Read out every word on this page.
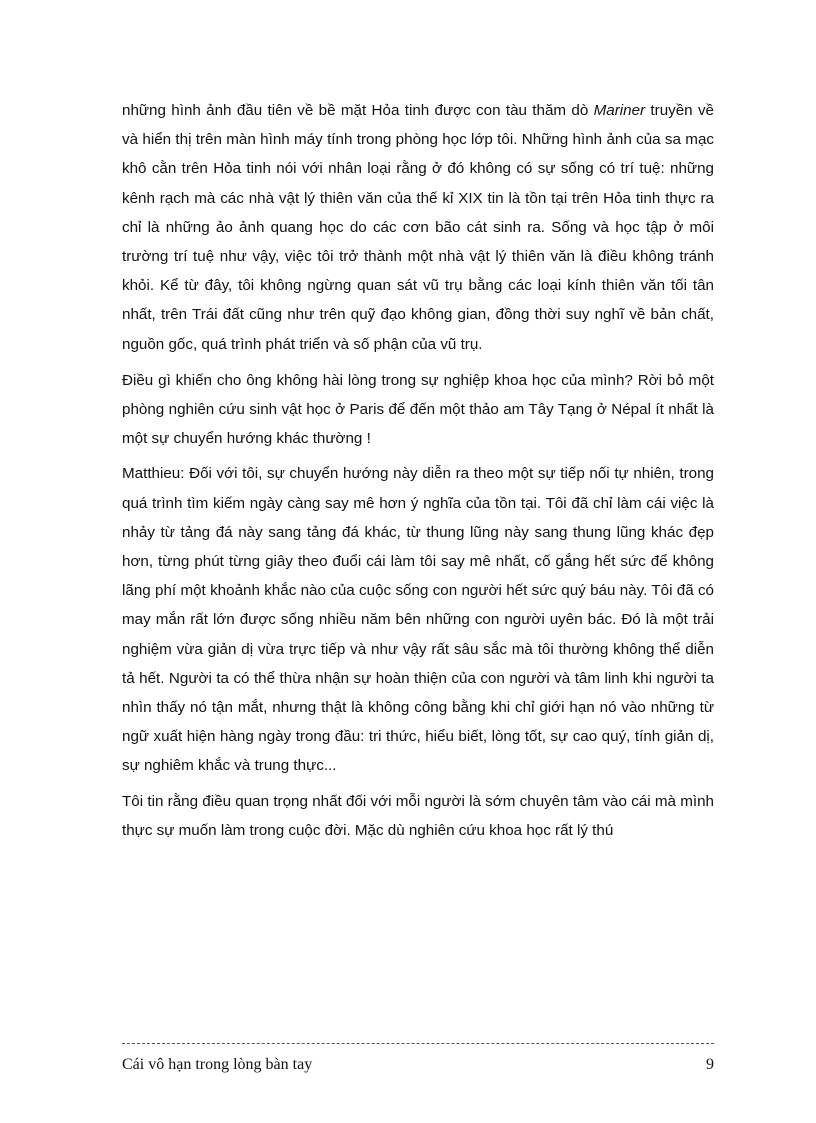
những hình ảnh đầu tiên về bề mặt Hỏa tinh được con tàu thăm dò Mariner truyền về và hiển thị trên màn hình máy tính trong phòng học lớp tôi. Những hình ảnh của sa mạc khô cằn trên Hỏa tinh nói với nhân loại rằng ở đó không có sự sống có trí tuệ: những kênh rạch mà các nhà vật lý thiên văn của thế kỉ XIX tin là tồn tại trên Hỏa tinh thực ra chỉ là những ảo ảnh quang học do các cơn bão cát sinh ra. Sống và học tập ở môi trường trí tuệ như vậy, việc tôi trở thành một nhà vật lý thiên văn là điều không tránh khỏi. Kể từ đây, tôi không ngừng quan sát vũ trụ bằng các loại kính thiên văn tối tân nhất, trên Trái đất cũng như trên quỹ đạo không gian, đồng thời suy nghĩ về bản chất, nguồn gốc, quá trình phát triển và số phận của vũ trụ.

Điều gì khiến cho ông không hài lòng trong sự nghiệp khoa học của mình? Rời bỏ một phòng nghiên cứu sinh vật học ở Paris để đến một thảo am Tây Tạng ở Népal ít nhất là một sự chuyển hướng khác thường !

Matthieu: Đối với tôi, sự chuyển hướng này diễn ra theo một sự tiếp nối tự nhiên, trong quá trình tìm kiếm ngày càng say mê hơn ý nghĩa của tồn tại. Tôi đã chỉ làm cái việc là nhảy từ tảng đá này sang tảng đá khác, từ thung lũng này sang thung lũng khác đẹp hơn, từng phút từng giây theo đuổi cái làm tôi say mê nhất, cố gắng hết sức để không lãng phí một khoảnh khắc nào của cuộc sống con người hết sức quý báu này. Tôi đã có may mắn rất lớn được sống nhiều năm bên những con người uyên bác. Đó là một trải nghiệm vừa giản dị vừa trực tiếp và như vậy rất sâu sắc mà tôi thường không thể diễn tả hết. Người ta có thể thừa nhận sự hoàn thiện của con người và tâm linh khi người ta nhìn thấy nó tận mắt, nhưng thật là không công bằng khi chỉ giới hạn nó vào những từ ngữ xuất hiện hàng ngày trong đầu: tri thức, hiểu biết, lòng tốt, sự cao quý, tính giản dị, sự nghiêm khắc và trung thực...

Tôi tin rằng điều quan trọng nhất đối với mỗi người là sớm chuyên tâm vào cái mà mình thực sự muốn làm trong cuộc đời. Mặc dù nghiên cứu khoa học rất lý thú

Cái vô hạn trong lòng bàn tay	9
